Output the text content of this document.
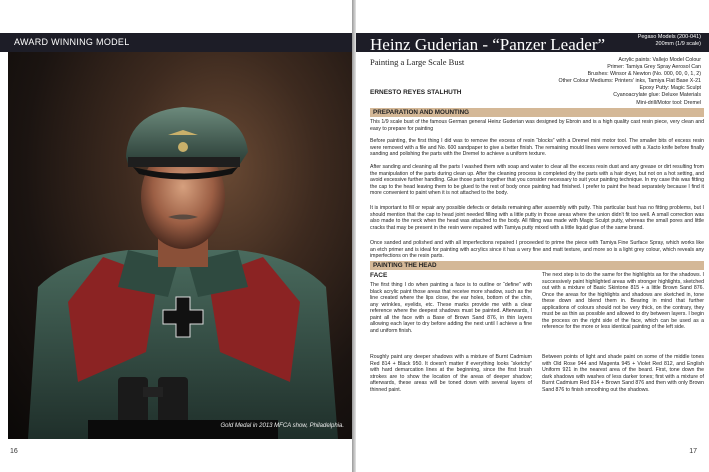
AWARD WINNING MODEL
Gold Medal in 2013 MFCA show, Philadelphia.
16
Heinz Guderian - “Panzer Leader”	Pegaso Models (200-041)
200mm (1/9 scale)
Painting a Large Scale Bust
ERNESTO REYES STALHUTH
Acrylic paints: Vallejo Model Colour
Primer: Tamiya Grey Spray Aerosol Can
Brushes: Winsor & Newton (No. 000, 00, 0, 1, 2)
Other Colour Mediums: Printers' inks, Tamiya Flat Base X-21
Epoxy Putty: Magic Sculpt
Cyanoacrylate glue: Deluxe Materials
Mini-drill/Motor tool: Dremel
PREPARATION AND MOUNTING

This 1/9 scale bust of the famous German general Heinz Guderian was designed by Ebroin and is a high quality cast resin piece, very clean and easy to prepare for painting

Before painting, the first thing I did was to remove the excess of resin “blocks” with a Dremel mini motor tool. The smaller bits of excess resin were removed with a file and No. 600 sandpaper to give a better finish. The remaining mould lines were removed with a Xacto knife before finally sanding and polishing the parts with the Dremel to achieve a uniform texture.

After sanding and cleaning all the parts I washed them with soap and water to clear all the excess resin dust and any grease or dirt resulting from the manipulation of the parts during clean up. After the cleaning process is completed dry the parts with a hair dryer, but not on a hot setting, and avoid excessive further handling. Glue those parts together that you consider necessary to suit your painting technique. In my case this was fitting the cap to the head leaving them to be glued to the rest of body once painting had finished. I prefer to paint the head separately because I find it more convenient to paint when it is not attached to the body.

It is important to fill or repair any possible defects or details remaining after assembly with putty. This particular bust has no fitting problems, but I should mention that the cap to head joint needed filling with a little putty in those areas where the union didn't fit too well. A small correction was also made to the neck when the head was attached to the body. All filling was made with Magic Sculpt putty, whereas the small pores and little cracks that may be present in the resin were repaired with Tamiya putty mixed with a little liquid glue of the same brand.

Once sanded and polished and with all imperfections repaired I proceeded to prime the piece with Tamiya Fine Surface Spray, which works like an etch primer and is ideal for painting with acrylics since it has a very fine and matt texture, and more so is a light grey colour, which reveals any imperfections on the resin parts.

PAINTING THE HEAD
FACE

The first thing I do when painting a face is to outline or “define” with black acrylic paint those areas that receive more shadow, such as the line created where the lips close, the ear holes, bottom of the chin, any wrinkles, eyelids, etc. These marks provide me with a clear reference where the deepest shadows must be painted. Afterwards, I paint all the face with a Base of Brown Sand 876, in thin layers allowing each layer to dry before adding the next until I achieve a fine and uniform finish.

Roughly paint any deeper shadows with a mixture of Burnt Cadmium Red 814 + Black 950. It doesn't matter if everything looks “sketchy” with hard demarcation lines at the beginning, since the first brush strokes are to show the location of the areas of deeper shadow; afterwards, these areas will be toned down with several layers of thinned paint.

The next step is to do the same for the highlights as for the shadows. I successively paint highlighted areas with stronger highlights, sketched out with a mixture of Basic Skintone 815 + a little Brown Sand 876. Once the areas for the highlights and shadows are sketched in, tone these down and blend them in. Bearing in mind that further applications of colours should not be very thick, on the contrary, they must be as thin as possible and allowed to dry between layers. I begin the process on the right side of the face, which can be used as a reference for the more or less identical painting of the left side.

Between points of light and shade paint on some of the middle tones with Old Rose 944 and Magenta 945 + Violet Red 812, and English Uniform 921 in the nearest area of the beard. First, tone down the dark shadows with washes of less darker tones; first with a mixture of Burnt Cadmium Red 814 + Brown Sand 876 and then with only Brown Sand 876 to finish smoothing out the shadows.

17
